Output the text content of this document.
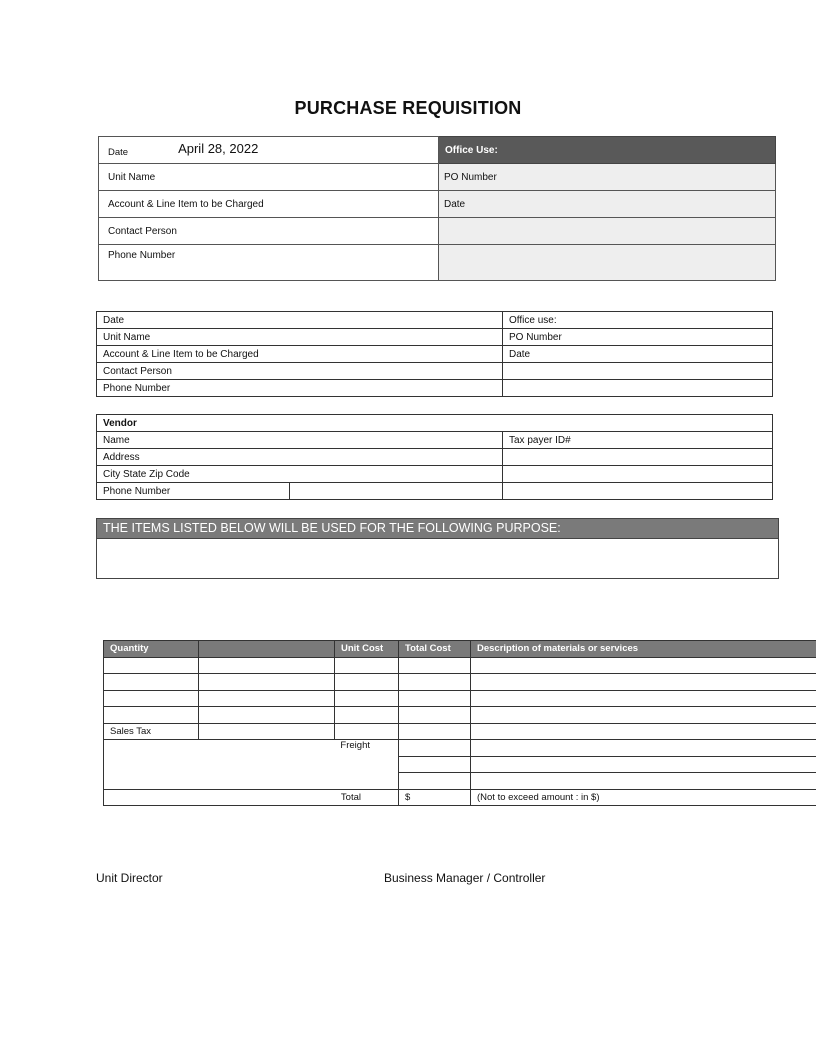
PURCHASE REQUISITION
Date April 28, 2022	Office Use:
Unit Name	PO Number
Account & Line Item to be Charged	Date
Contact Person	
Phone Number	
Date	Office use:
Unit Name	PO Number
Account & Line Item to be Charged	Date
Contact Person	
Phone Number	
Vendor		
Name		Tax payer ID#
Address		
City State Zip Code		
Phone Number		
THE ITEMS LISTED BELOW WILL BE USED FOR THE FOLLOWING PURPOSE:
Quantity		Unit Cost	Total Cost	Description of materials or services

Sales Tax				
Freight				

Total			$	(Not to exceed amount : in $)
Unit Director	Business Manager / Controller
